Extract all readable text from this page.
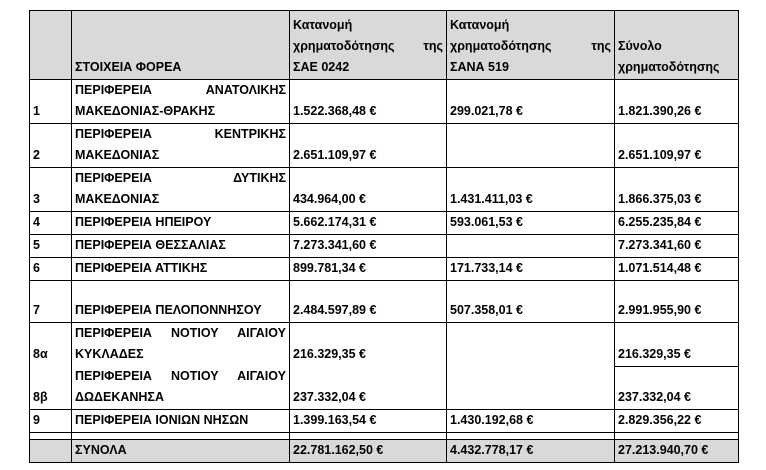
	ΣΤΟΙΧΕΙΑ ΦΟΡΕΑ	Κατανομή χρηματοδότησης της ΣΑΕ 0242	Κατανομή χρηματοδότησης της ΣΑΝΑ 519	Σύνολο χρηματοδότησης
1	ΠΕΡΙΦΕΡΕΙΑ ΑΝΑΤΟΛΙΚΗΣ ΜΑΚΕΔΟΝΙΑΣ-ΘΡΑΚΗΣ	1.522.368,48 €	299.021,78 €	1.821.390,26 €
2	ΠΕΡΙΦΕΡΕΙΑ ΚΕΝΤΡΙΚΗΣ ΜΑΚΕΔΟΝΙΑΣ	2.651.109,97 €		2.651.109,97 €
3	ΠΕΡΙΦΕΡΕΙΑ ΔΥΤΙΚΗΣ ΜΑΚΕΔΟΝΙΑΣ	434.964,00 €	1.431.411,03 €	1.866.375,03 €
4	ΠΕΡΙΦΕΡΕΙΑ ΗΠΕΙΡΟΥ	5.662.174,31 €	593.061,53 €	6.255.235,84 €
5	ΠΕΡΙΦΕΡΕΙΑ ΘΕΣΣΑΛΙΑΣ	7.273.341,60 €		7.273.341,60 €
6	ΠΕΡΙΦΕΡΕΙΑ ΑΤΤΙΚΗΣ	899.781,34 €	171.733,14 €	1.071.514,48 €
7	ΠΕΡΙΦΕΡΕΙΑ ΠΕΛΟΠΟΝΝΗΣΟΥ	2.484.597,89 €	507.358,01 €	2.991.955,90 €
8α	ΠΕΡΙΦΕΡΕΙΑ ΝΟΤΙΟΥ ΑΙΓΑΙΟΥ ΚΥΚΛΑΔΕΣ	216.329,35 €		216.329,35 €
8β	ΠΕΡΙΦΕΡΕΙΑ ΝΟΤΙΟΥ ΑΙΓΑΙΟΥ ΔΩΔΕΚΑΝΗΣΑ	237.332,04 €		237.332,04 €
9	ΠΕΡΙΦΕΡΕΙΑ ΙΟΝΙΩΝ ΝΗΣΩΝ	1.399.163,54 €	1.430.192,68 €	2.829.356,22 €

	ΣΥΝΟΛΑ	22.781.162,50 €	4.432.778,17 €	27.213.940,70 €
